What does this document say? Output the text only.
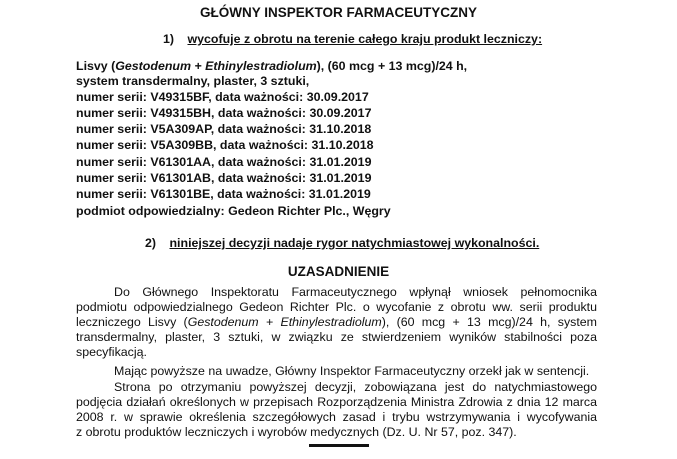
GŁÓWNY INSPEKTOR FARMACEUTYCZNY
1) wycofuje z obrotu na terenie całego kraju produkt leczniczy:
Lisvy (Gestodenum + Ethinylestradiolum), (60 mcg + 13 mcg)/24 h,
system transdermalny, plaster, 3 sztuki,
numer serii: V49315BF, data ważności: 30.09.2017
numer serii: V49315BH, data ważności: 30.09.2017
numer serii: V5A309AP, data ważności: 31.10.2018
numer serii: V5A309BB, data ważności: 31.10.2018
numer serii: V61301AA, data ważności: 31.01.2019
numer serii: V61301AB, data ważności: 31.01.2019
numer serii: V61301BE, data ważności: 31.01.2019
podmiot odpowiedzialny: Gedeon Richter Plc., Węgry
2) niniejszej decyzji nadaje rygor natychmiastowej wykonalności.
UZASADNIENIE
Do Głównego Inspektoratu Farmaceutycznego wpłynął wniosek pełnomocnika
podmiotu odpowiedzialnego Gedeon Richter Plc. o wycofanie z obrotu ww. serii produktu
leczniczego Lisvy (Gestodenum + Ethinylestradiolum), (60 mcg + 13 mcg)/24 h, system
transdermalny, plaster, 3 sztuki, w związku ze stwierdzeniem wyników stabilności poza
specyfikacją.
Mając powyższe na uwadze, Główny Inspektor Farmaceutyczny orzekł jak w sentencji.
Strona po otrzymaniu powyższej decyzji, zobowiązana jest do natychmiastowego
podjęcia działań określonych w przepisach Rozporządzenia Ministra Zdrowia z dnia 12 marca
2008 r. w sprawie określenia szczegółowych zasad i trybu wstrzymywania i wycofywania
z obrotu produktów leczniczych i wyrobów medycznych (Dz. U. Nr 57, poz. 347).
